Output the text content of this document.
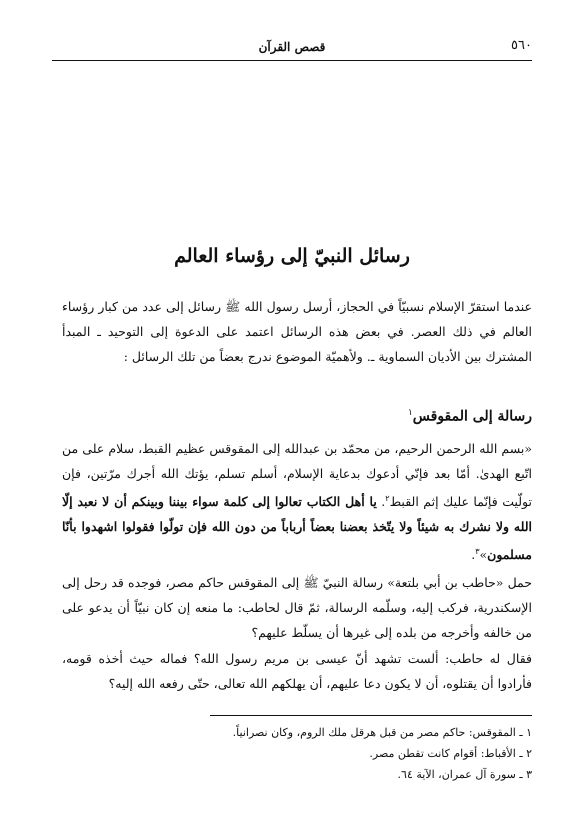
٥٦٠
قصص القرآن
رسائل النبيّ إلى رؤساء العالم

عندما استقرّ الإسلام نسبيّاً في الحجاز، أرسل رسول الله ﷺ رسائل إلى عدد من كبار رؤساء العالم في ذلك العصر. في بعض هذه الرسائل اعتمد على الدعوة إلى التوحيد ـ المبدأ المشترك بين الأديان السماوية ـ. ولأهميّة الموضوع ندرج بعضاً من تلك الرسائل :

رسالة إلى المقوقس$^١$

«بسم الله الرحمن الرحيم، من محمّد بن عبدالله إلى المقوقس عظيم القبط، سلام على من اتّبع الهدىٰ. أمّا بعد فإنّي أدعوك بدعاية الإسلام، أسلم تسلم، يؤتك الله أجرك مرّتين، فإن تولّيت فإنّما عليك إثم القبط$^٢$. يا أهل الكتاب تعالوا إلى كلمة سواء بيننا وبينكم أن لا نعبد إلّا الله ولا نشرك به شيئاً ولا يتّخذ بعضنا بعضاً أرباباً من دون الله فإن تولّوا فقولوا اشهدوا بأنّا مسلمون»$^٣$.

حمل «حاطب بن أبي بلتعة» رسالة النبيّ ﷺ إلى المقوقس حاكم مصر، فوجده قد رحل إلى الإسكندرية، فركب إليه، وسلّمه الرسالة، ثمّ قال لحاطب: ما منعه إن كان نبيّاً أن يدعو على من خالفه وأخرجه من بلده إلى غيرها أن يسلّط عليهم؟

فقال له حاطب: ألست تشهد أنّ عيسى بن مريم رسول الله؟ فماله حيث أخذه قومه، فأرادوا أن يقتلوه، أن لا يكون دعا عليهم، أن يهلكهم الله تعالى، حتّى رفعه الله إليه؟

١ ـ المقوقس: حاكم مصر من قبل هرقل ملك الروم، وكان نصرانياً.
٢ ـ الأقباط: أقوام كانت تقطن مصر.
٣ ـ سورة آل عمران، الآية ٦٤.
